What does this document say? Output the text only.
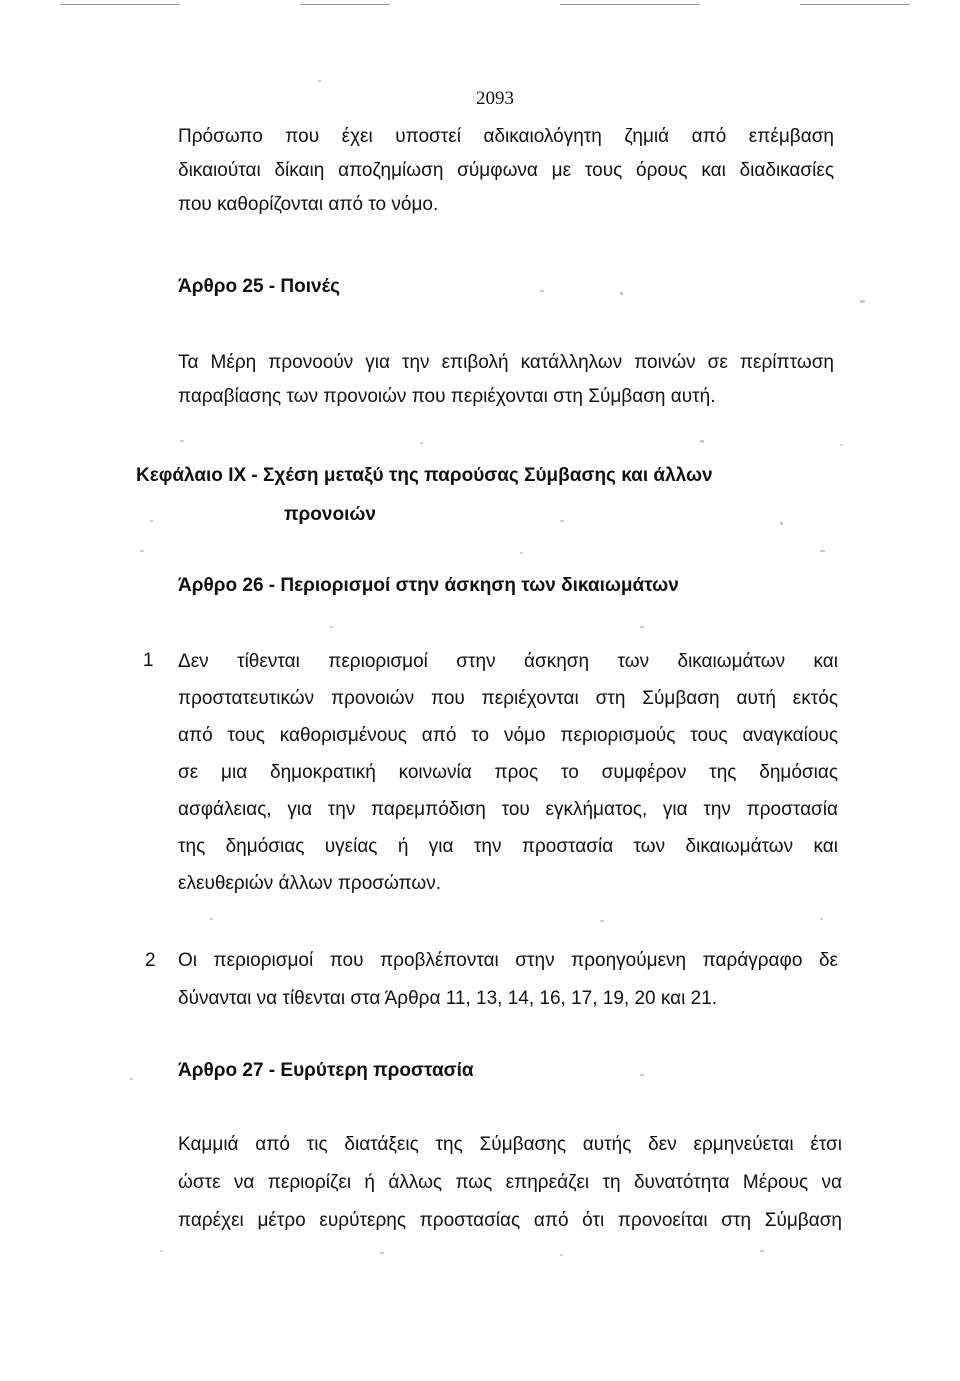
2093
Πρόσωπο που έχει υποστεί αδικαιολόγητη ζημιά από επέμβαση
δικαιούται δίκαιη αποζημίωση σύμφωνα με τους όρους και διαδικασίες
που καθορίζονται από το νόμο.
Άρθρο 25 - Ποινές
Τα Μέρη προνοούν για την επιβολή κατάλληλων ποινών σε περίπτωση
παραβίασης των προνοιών που περιέχονται στη Σύμβαση αυτή.
Κεφάλαιο ΙΧ - Σχέση μεταξύ της παρούσας Σύμβασης και άλλων
προνοιών
Άρθρο 26 - Περιορισμοί στην άσκηση των δικαιωμάτων
1 Δεν τίθενται περιορισμοί στην άσκηση των δικαιωμάτων και
προστατευτικών προνοιών που περιέχονται στη Σύμβαση αυτή εκτός
από τους καθορισμένους από το νόμο περιορισμούς τους αναγκαίους
σε μια δημοκρατική κοινωνία προς το συμφέρον της δημόσιας
ασφάλειας, για την παρεμπόδιση του εγκλήματος, για την προστασία
της δημόσιας υγείας ή για την προστασία των δικαιωμάτων και
ελευθεριών άλλων προσώπων.
2 Οι περιορισμοί που προβλέπονται στην προηγούμενη παράγραφο δε
δύνανται να τίθενται στα Άρθρα 11, 13, 14, 16, 17, 19, 20 και 21.
Άρθρο 27 - Ευρύτερη προστασία
Καμμιά από τις διατάξεις της Σύμβασης αυτής δεν ερμηνεύεται έτσι
ώστε να περιορίζει ή άλλως πως επηρεάζει τη δυνατότητα Μέρους να
παρέχει μέτρο ευρύτερης προστασίας από ότι προνοείται στη Σύμβαση
